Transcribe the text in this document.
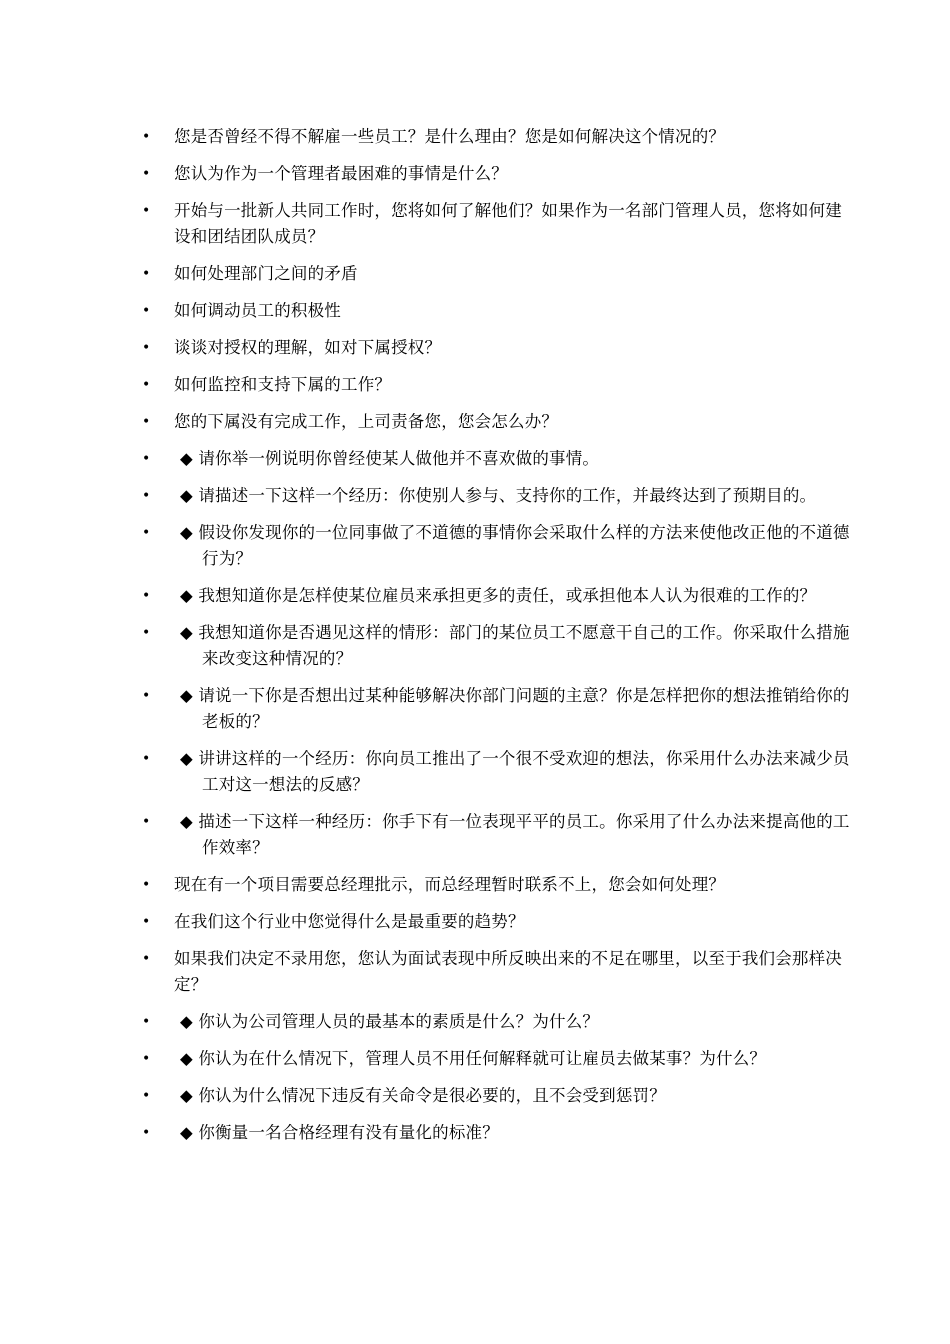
• 您是否曾经不得不解雇一些员工？是什么理由？您是如何解决这个情况的？
• 您认为作为一个管理者最困难的事情是什么？
• 开始与一批新人共同工作时，您将如何了解他们？如果作为一名部门管理人员，您将如何建设和团结团队成员？
• 如何处理部门之间的矛盾
• 如何调动员工的积极性
• 谈谈对授权的理解，如对下属授权？
• 如何监控和支持下属的工作？
• 您的下属没有完成工作，上司责备您，您会怎么办？
•	◆ 请你举一例说明你曾经使某人做他并不喜欢做的事情。
•	◆ 请描述一下这样一个经历：你使别人参与、支持你的工作，并最终达到了预期目的。
•	◆ 假设你发现你的一位同事做了不道德的事情你会采取什么样的方法来使他改正他的不道德行为？
•	◆ 我想知道你是怎样使某位雇员来承担更多的责任，或承担他本人认为很难的工作的？
•	◆ 我想知道你是否遇见这样的情形：部门的某位员工不愿意干自己的工作。你采取什么措施来改变这种情况的？
•	◆ 请说一下你是否想出过某种能够解决你部门问题的主意？你是怎样把你的想法推销给你的老板的？
•	◆ 讲讲这样的一个经历：你向员工推出了一个很不受欢迎的想法，你采用什么办法来减少员工对这一想法的反感？
•	◆ 描述一下这样一种经历：你手下有一位表现平平的员工。你采用了什么办法来提高他的工作效率？
• 现在有一个项目需要总经理批示，而总经理暂时联系不上，您会如何处理？
• 在我们这个行业中您觉得什么是最重要的趋势？
• 如果我们决定不录用您，您认为面试表现中所反映出来的不足在哪里，以至于我们会那样决定？
•	◆ 你认为公司管理人员的最基本的素质是什么？为什么？
•	◆ 你认为在什么情况下，管理人员不用任何解释就可让雇员去做某事？为什么？
•	◆ 你认为什么情况下违反有关命令是很必要的，且不会受到惩罚？
•	◆ 你衡量一名合格经理有没有量化的标准？
